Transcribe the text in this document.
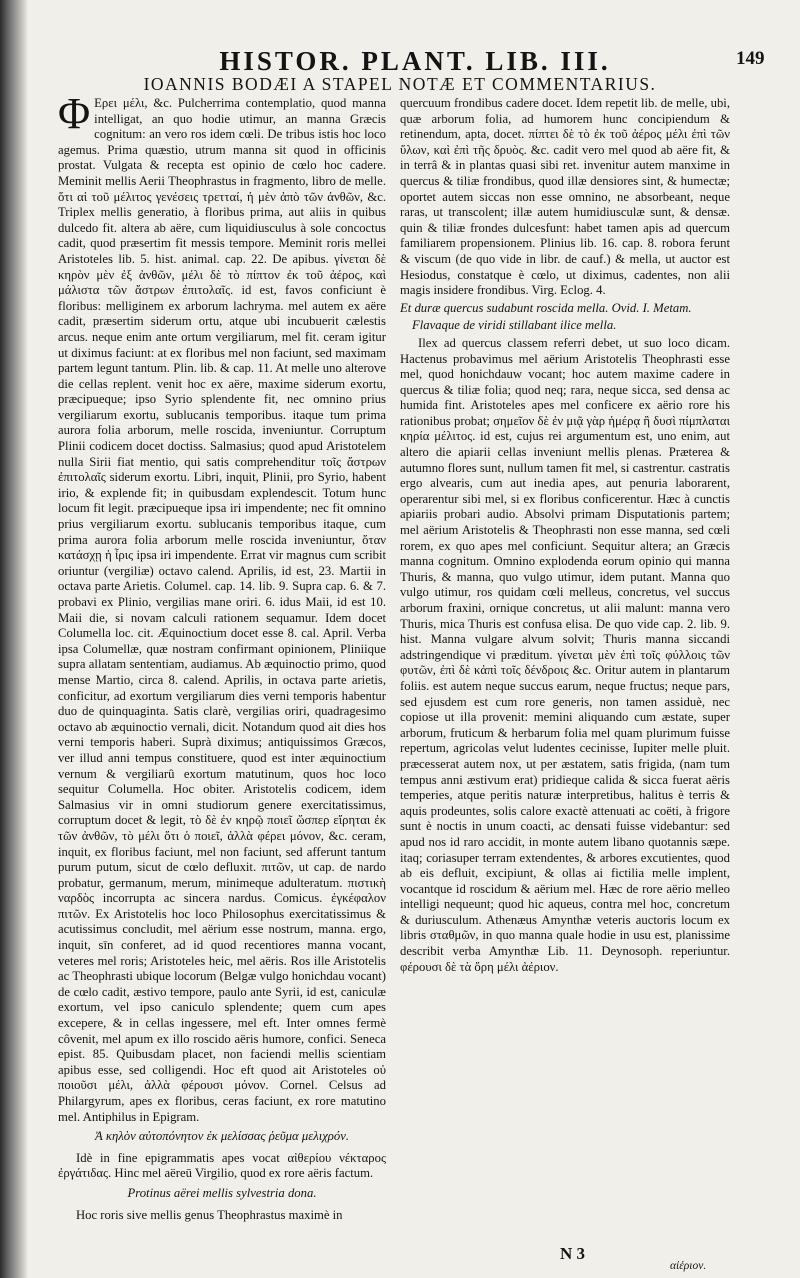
HISTOR. PLANT. LIB. III.	149
IOANNIS BODÆI A STAPEL NOTÆ ET COMMENTARIUS.

Φ Ερει μέλι, &c. Pulcherrima contemplatio, quod manna intelligat, an quo hodie utimur, an manna Græcis cognitum: an vero ros idem cœli. De tribus istis hoc loco agemus. Prima quæstio, utrum manna sit quod in officinis prostat. Vulgata & recepta est opinio de cœlo hoc cadere. Meminit mellis Aerii Theophrastus in fragmento, libro de melle. ὅτι αἱ τοῦ μέλιτος γενέσεις τρετταί, ἡ μὲν ἀπὸ τῶν ἀνθῶν, &c. Triplex mellis generatio, à floribus prima, aut aliis in quibus dulcedo fit. altera ab aëre, cum liquidiusculus à sole concoctus cadit, quod præsertim fit messis tempore. Meminit roris mellei Aristoteles lib. 5. hist. animal. cap. 22. De apibus. γίνεται δὲ κηρὸν μὲν ἐξ ἀνθῶν, μέλι δὲ τὸ πίπτον ἐκ τοῦ ἀέρος, καὶ μάλιστα τῶν ἄστρων ἐπιτολαῖς. id est, favos conficiunt è floribus: melliginem ex arborum lachryma. mel autem ex aëre cadit, præsertim siderum ortu, atque ubi incubuerit cælestis arcus. neque enim ante ortum vergiliarum, mel fit. ceram igitur ut diximus faciunt: at ex floribus mel non faciunt, sed maximam partem legunt tantum. Plin. lib. & cap. 11. At melle uno alterove die cellas replent. venit hoc ex aëre, maxime siderum exortu, præcipueque; ipso Syrio splendente fit, nec omnino prius vergiliarum exortu, sublucanis temporibus. itaque tum prima aurora folia arborum, melle roscida, inveniuntur. Corruptum Plinii codicem docet doctiss. Salmasius; quod apud Aristotelem nulla Sirii fiat mentio, qui satis comprehenditur τοῖς ἄστρων ἐπιτολαῖς siderum exortu. Libri, inquit, Plinii, pro Syrio, habent irio, & explende fit; in quibusdam explendescit. Totum hunc locum fit legit. præcipueque ipsa iri impendente; nec fit omnino prius vergiliarum exortu. sublucanis temporibus itaque, cum prima aurora folia arborum melle roscida inveniuntur, ὅταν κατάσχῃ ἡ ἶρις ipsa iri impendente. Errat vir magnus cum scribit oriuntur (vergiliæ) octavo calend. Aprilis, id est, 23. Martii in octava parte Arietis. Columel. cap. 14. lib. 9. Supra cap. 6. & 7. probavi ex Plinio, vergilias mane oriri. 6. idus Maii, id est 10. Maii die, si novam calculi rationem sequamur. Idem docet Columella loc. cit. Æquinoctium docet esse 8. cal. April. Verba ipsa Columellæ, quæ nostram confirmant opinionem, Pliniique supra allatam sententiam, audiamus. Ab æquinoctio primo, quod mense Martio, circa 8. calend. Aprilis, in octava parte arietis, conficitur, ad exortum vergiliarum dies verni temporis habentur duo de quinquaginta. Satis clarè, vergilias oriri, quadragesimo octavo ab æquinoctio vernali, dicit. Notandum quod ait dies hos verni temporis haberi. Suprà diximus; antiquissimos Græcos, ver illud anni tempus constituere, quod est inter æquinoctium vernum & vergiliarû exortum matutinum, quos hoc loco sequitur Columella. Hoc obiter. Aristotelis codicem, idem Salmasius vir in omni studiorum genere exercitatissimus, corruptum docet & legit, τὸ δὲ ἐν κηρῷ ποιεῖ ὥσπερ εἴρηται ἐκ τῶν ἀνθῶν, τὸ μέλι ὅτι ὁ ποιεῖ, ἀλλὰ φέρει μόνον, &c. ceram, inquit, ex floribus faciunt, mel non faciunt, sed afferunt tantum purum putum, sicut de cœlo defluxit. πιτῶν, ut cap. de nardo probatur, germanum, merum, minimeque adulteratum. πιστικὴ ναρδὸς incorrupta ac sincera nardus. Comicus. ἐγκέφαλον πιτῶν. Ex Aristotelis hoc loco Philosophus exercitatissimus & acutissimus concludit, mel aërium esse nostrum, manna. ergo, inquit, sīn conferet, ad id quod recentiores manna vocant, veteres mel roris; Aristoteles heic, mel aëris. Ros ille Aristotelis ac Theophrasti ubique locorum (Belgæ vulgo honichdau vocant) de cœlo cadit, æstivo tempore, paulo ante Syrii, id est, caniculæ exortum, vel ipso caniculo splendente; quem cum apes excepere, & in cellas ingessere, mel eft. Inter omnes fermè côvenit, mel apum ex illo roscido aëris humore, confici. Seneca epist. 85. Quibusdam placet, non faciendi mellis scientiam apibus esse, sed colligendi. Hoc eft quod ait Aristoteles οὐ ποιοῦσι μέλι, ἀλλὰ φέρουσι μόνον. Cornel. Celsus ad Philargyrum, apes ex floribus, ceras faciunt, ex rore matutino mel. Antiphilus in Epigram.

Ἀ κηλὸν αὐτοπόνητον ἐκ μελίσσας ῥεῦμα μελιχρόν.

Idè in fine epigrammatis apes vocat αἰθερίου νέκταρος ἐργάτιδας. Hinc mel aëreū Virgilio, quod ex rore aëris factum.

Protinus aërei mellis sylvestria dona.

Hoc roris sive mellis genus Theophrastus maximè in

quercuum frondibus cadere docet. Idem repetit lib. de melle, ubi, quæ arborum folia, ad humorem hunc concipiendum & retinendum, apta, docet. πίπτει δὲ τὸ ἐκ τοῦ ἀέρος μέλι ἐπὶ τῶν ὕλων, καὶ ἐπὶ τῆς δρυὸς. &c. cadit vero mel quod ab aëre fit, & in terrâ & in plantas quasi sibi ret. invenitur autem manxime in quercus & tiliæ frondibus, quod illæ densiores sint, & humectæ; oportet autem siccas non esse omnino, ne absorbeant, neque raras, ut transcolent; illæ autem humidiusculæ sunt, & densæ. quin & tiliæ frondes dulcesfunt: habet tamen apis ad quercum familiarem propensionem. Plinius lib. 16. cap. 8. robora ferunt & viscum (de quo vide in libr. de cauf.) & mella, ut auctor est Hesiodus, constatque è cœlo, ut diximus, cadentes, non alii magis insidere frondibus. Virg. Eclog. 4.

Et duræ quercus sudabunt roscida mella. Ovid. I. Metam.

Flavaque de viridi stillabant ilice mella.

Ilex ad quercus classem referri debet, ut suo loco dicam. Hactenus probavimus mel aërium Aristotelis Theophrasti esse mel, quod honichdauw vocant; hoc autem maxime cadere in quercus & tiliæ folia; quod neq; rara, neque sicca, sed densa ac humida fint. Aristoteles apes mel conficere ex aërio rore his rationibus probat; σημεῖον δὲ ἐν μιᾷ γὰρ ἡμέρᾳ ἢ δυσὶ πίμπλαται κηρία μέλιτος. id est, cujus rei argumentum est, uno enim, aut altero die apiarii cellas inveniunt mellis plenas. Præterea & autumno flores sunt, nullum tamen fit mel, si castrentur. castratis ergo alvearis, cum aut inedia apes, aut penuria laborarent, operarentur sibi mel, si ex floribus conficerentur. Hæc à cunctis apiariis probari audio. Absolvi primam Disputationis partem; mel aërium Aristotelis & Theophrasti non esse manna, sed cœli rorem, ex quo apes mel conficiunt. Sequitur altera; an Græcis manna cognitum. Omnino explodenda eorum opinio qui manna Thuris, & manna, quo vulgo utimur, idem putant. Manna quo vulgo utimur, ros quidam cœli melleus, concretus, vel succus arborum fraxini, ornique concretus, ut alii malunt: manna vero Thuris, mica Thuris est confusa elisa. De quo vide cap. 2. lib. 9. hist. Manna vulgare alvum solvit; Thuris manna siccandi adstringendique vi præditum. γίνεται μὲν ἐπὶ τοῖς φύλλοις τῶν φυτῶν, ἐπὶ δὲ κἀπὶ τοῖς δένδροις &c. Oritur autem in plantarum foliis. est autem neque succus earum, neque fructus; neque pars, sed ejusdem est cum rore generis, non tamen assiduè, nec copiose ut illa provenit: memini aliquando cum æstate, super arborum, fruticum & herbarum folia mel quam plurimum fuisse repertum, agricolas velut ludentes cecinisse, Iupiter melle pluit. præcesserat autem nox, ut per æstatem, satis frigida, (nam tum tempus anni æstivum erat) pridieque calida & sicca fuerat aëris temperies, atque peritis naturæ interpretibus, halitus è terris & aquis prodeuntes, solis calore exactè attenuati ac coëti, à frigore sunt è noctis in unum coacti, ac densati fuisse videbantur: sed apud nos id raro accidit, in monte autem libano quotannis sæpe. itaq; coriasuper terram extendentes, & arbores excutientes, quod ab eis defluit, excipiunt, & ollas ai fictilia melle implent, vocantque id roscidum & aërium mel. Hæc de rore aërio melleo intelligi nequeunt; quod hic aqueus, contra mel hoc, concretum & duriusculum. Athenæus Amynthæ veteris auctoris locum ex libris σταθμῶν, in quo manna quale hodie in usu est, planissime describit verba Amynthæ Lib. 11. Deynosoph. reperiuntur. φέρουσι δὲ τὰ ὄρη μέλι ἀέριον.

N 3
αἰέριον.
